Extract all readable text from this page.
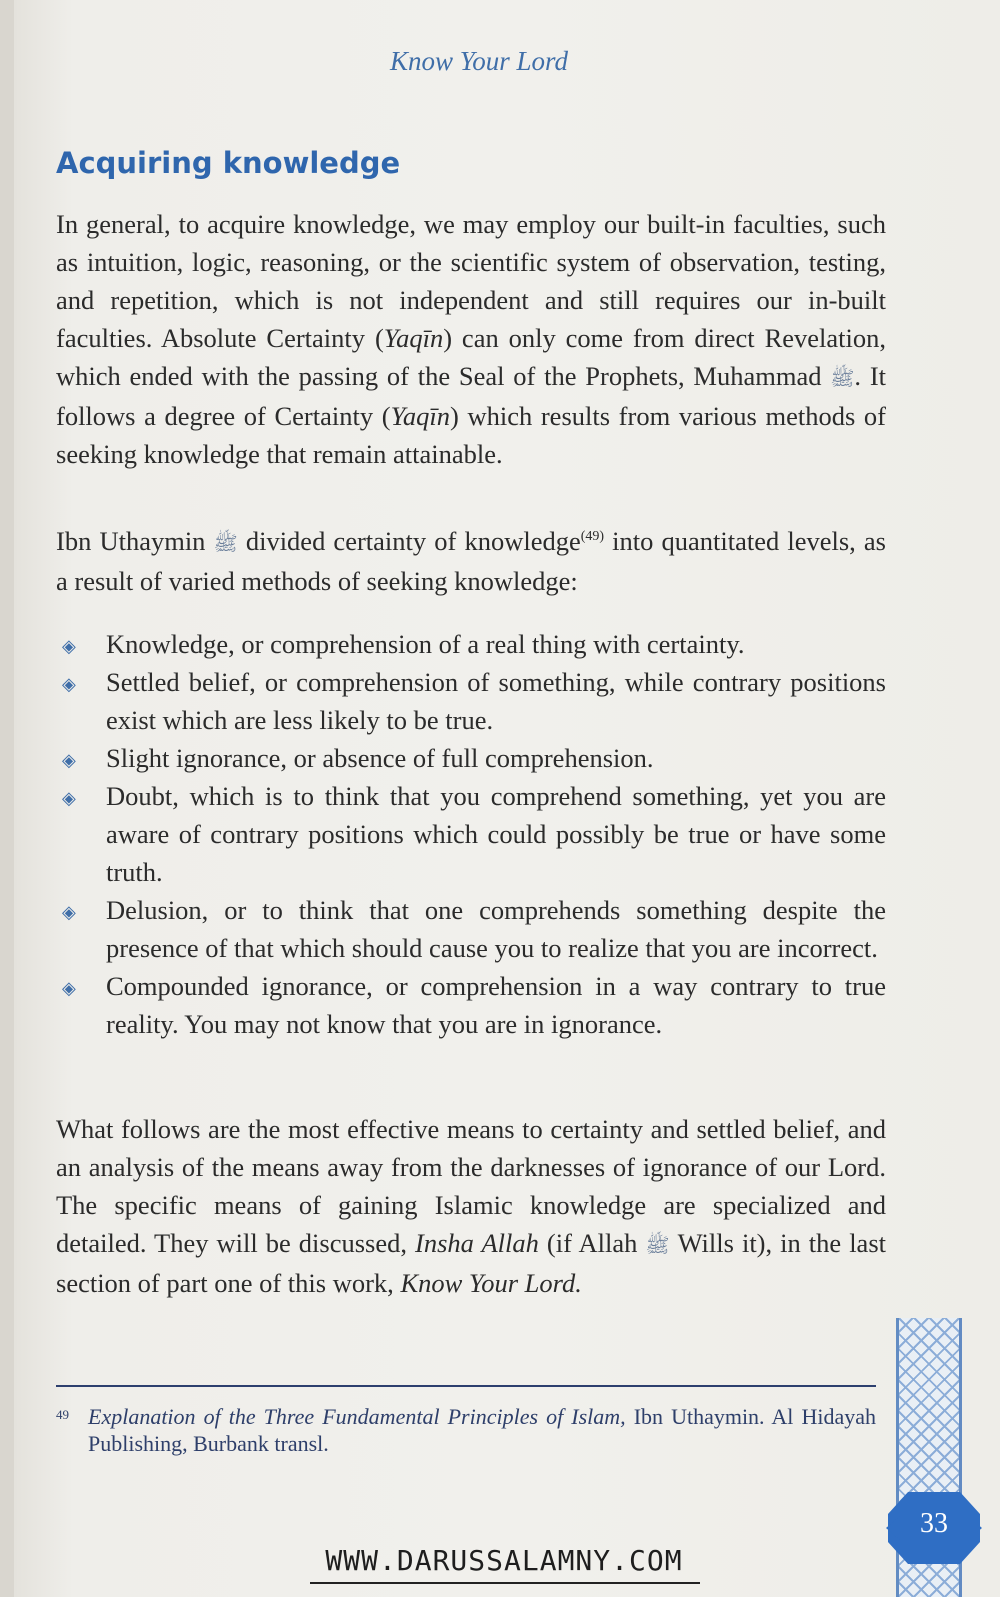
Know Your Lord
Acquiring knowledge

In general, to acquire knowledge, we may employ our built-in faculties, such as intuition, logic, reasoning, or the scientific system of observation, testing, and repetition, which is not independent and still requires our in-built faculties. Absolute Certainty (Yaqīn) can only come from direct Revelation, which ended with the passing of the Seal of the Prophets, Muhammad ﷺ. It follows a degree of Certainty (Yaqīn) which results from various methods of seeking knowledge that remain attainable.

Ibn Uthaymin ﷺ divided certainty of knowledge$^{(49)}$ into quantitated levels, as a result of varied methods of seeking knowledge:

◈ Knowledge, or comprehension of a real thing with certainty.
◈ Settled belief, or comprehension of something, while contrary positions exist which are less likely to be true.
◈ Slight ignorance, or absence of full comprehension.
◈ Doubt, which is to think that you comprehend something, yet you are aware of contrary positions which could possibly be true or have some truth.
◈ Delusion, or to think that one comprehends something despite the presence of that which should cause you to realize that you are incorrect.
◈ Compounded ignorance, or comprehension in a way contrary to true reality. You may not know that you are in ignorance.

What follows are the most effective means to certainty and settled belief, and an analysis of the means away from the darknesses of ignorance of our Lord. The specific means of gaining Islamic knowledge are specialized and detailed. They will be discussed, Insha Allah (if Allah ﷺ Wills it), in the last section of part one of this work, Know Your Lord.

49 Explanation of the Three Fundamental Principles of Islam, Ibn Uthaymin. Al Hidayah Publishing, Burbank transl.

33
WWW.DARUSSALAMNY.COM
